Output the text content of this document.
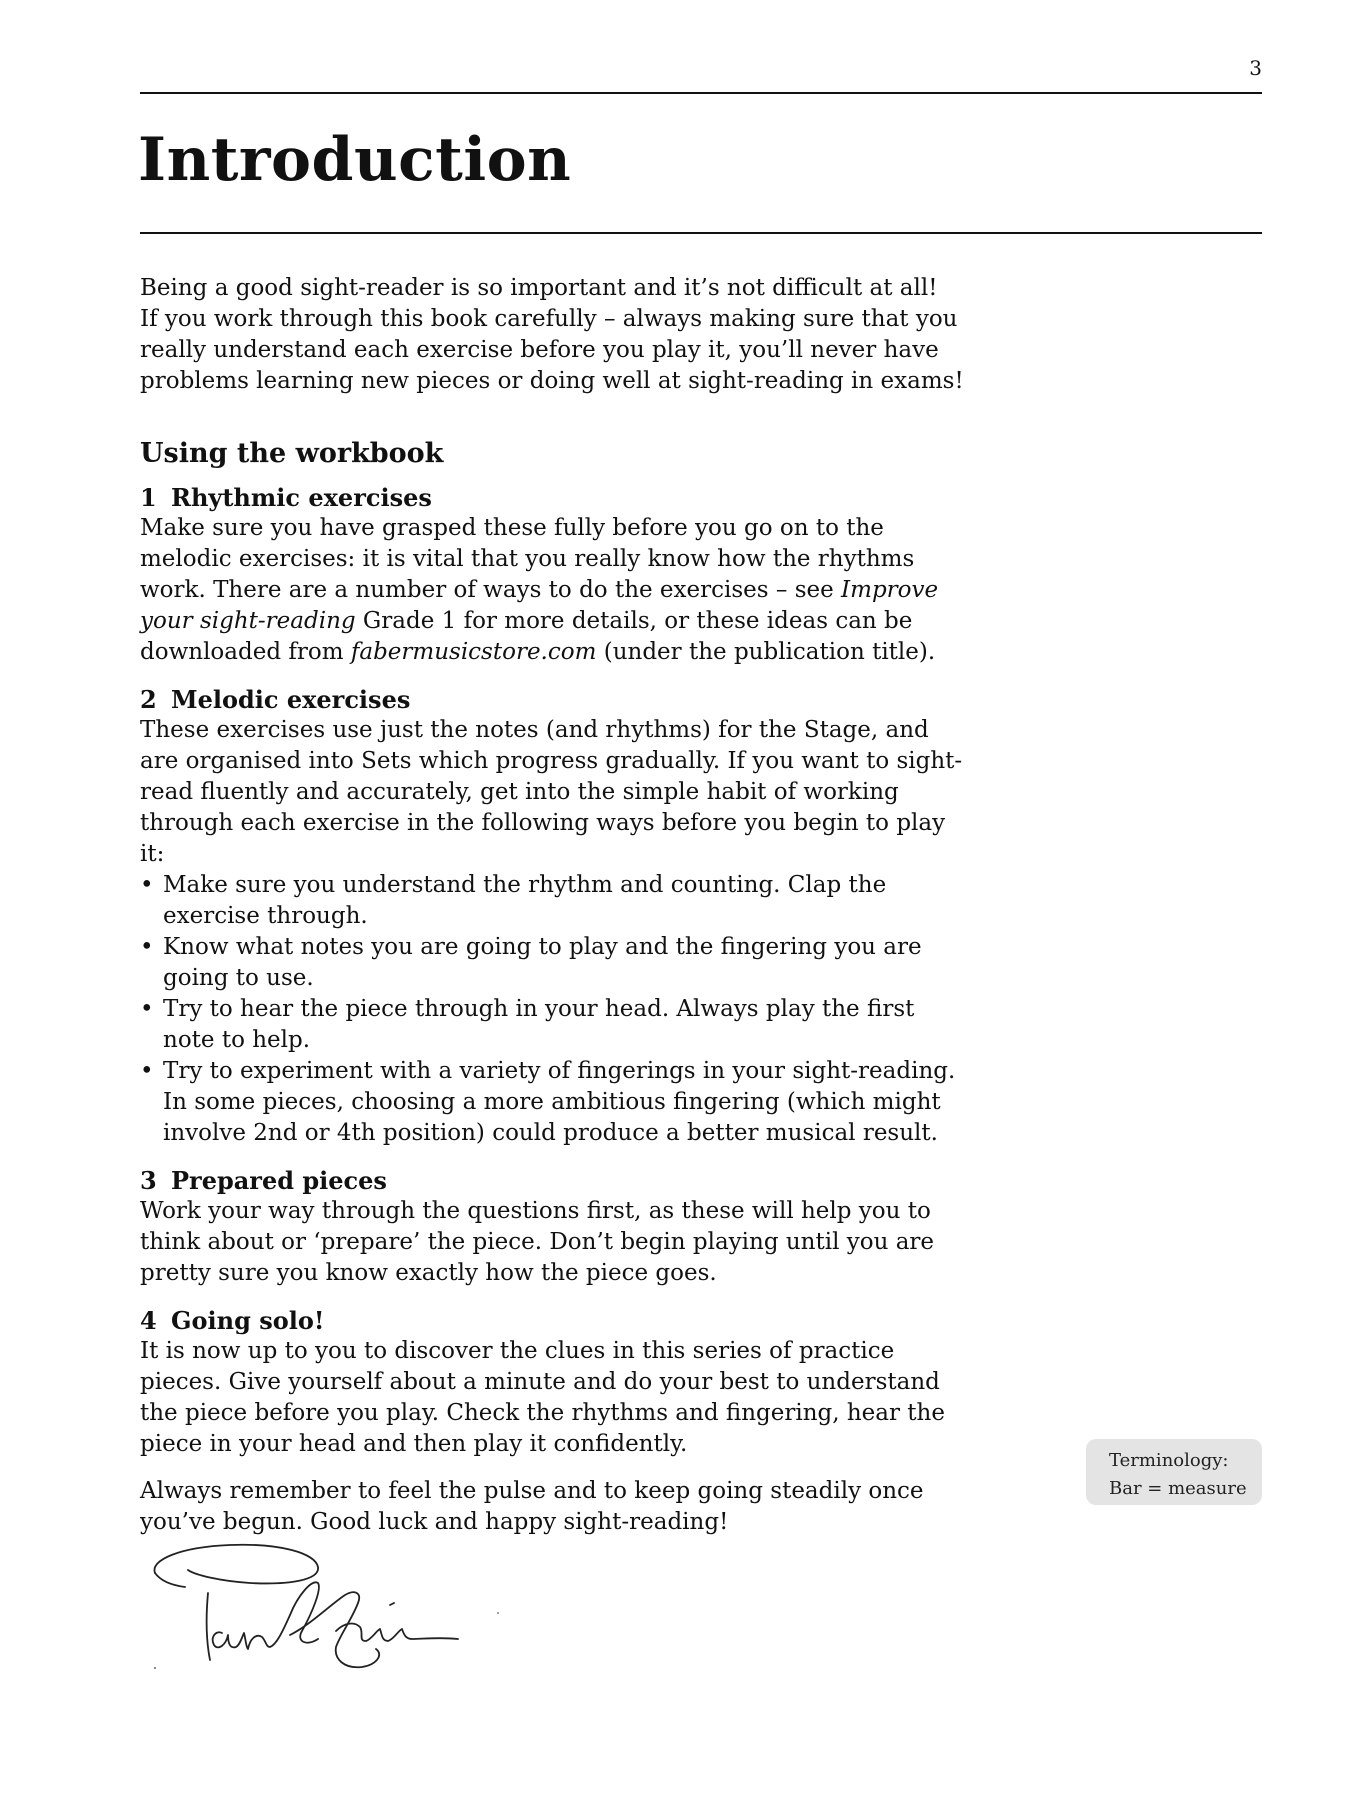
3
Introduction

Being a good sight-reader is so important and it’s not difficult at all!

If you work through this book carefully – always making sure that you really understand each exercise before you play it, you’ll never have problems learning new pieces or doing well at sight-reading in exams!

Using the workbook
1 Rhythmic exercises

Make sure you have grasped these fully before you go on to the melodic exercises: it is vital that you really know how the rhythms work. There are a number of ways to do the exercises – see Improve your sight-reading Grade 1 for more details, or these ideas can be downloaded from fabermusicstore.com (under the publication title).

2 Melodic exercises

These exercises use just the notes (and rhythms) for the Stage, and are organised into Sets which progress gradually. If you want to sight-read fluently and accurately, get into the simple habit of working through each exercise in the following ways before you begin to play it:

• Make sure you understand the rhythm and counting. Clap the exercise through.
• Know what notes you are going to play and the fingering you are going to use.
• Try to hear the piece through in your head. Always play the first note to help.
• Try to experiment with a variety of fingerings in your sight-reading. In some pieces, choosing a more ambitious fingering (which might involve 2nd or 4th position) could produce a better musical result.
3 Prepared pieces

Work your way through the questions first, as these will help you to think about or ‘prepare’ the piece. Don’t begin playing until you are pretty sure you know exactly how the piece goes.

4 Going solo!

It is now up to you to discover the clues in this series of practice pieces. Give yourself about a minute and do your best to understand the piece before you play. Check the rhythms and fingering, hear the piece in your head and then play it confidently.

Always remember to feel the pulse and to keep going steadily once you’ve begun. Good luck and happy sight-reading!

Terminology:
Bar = measure
